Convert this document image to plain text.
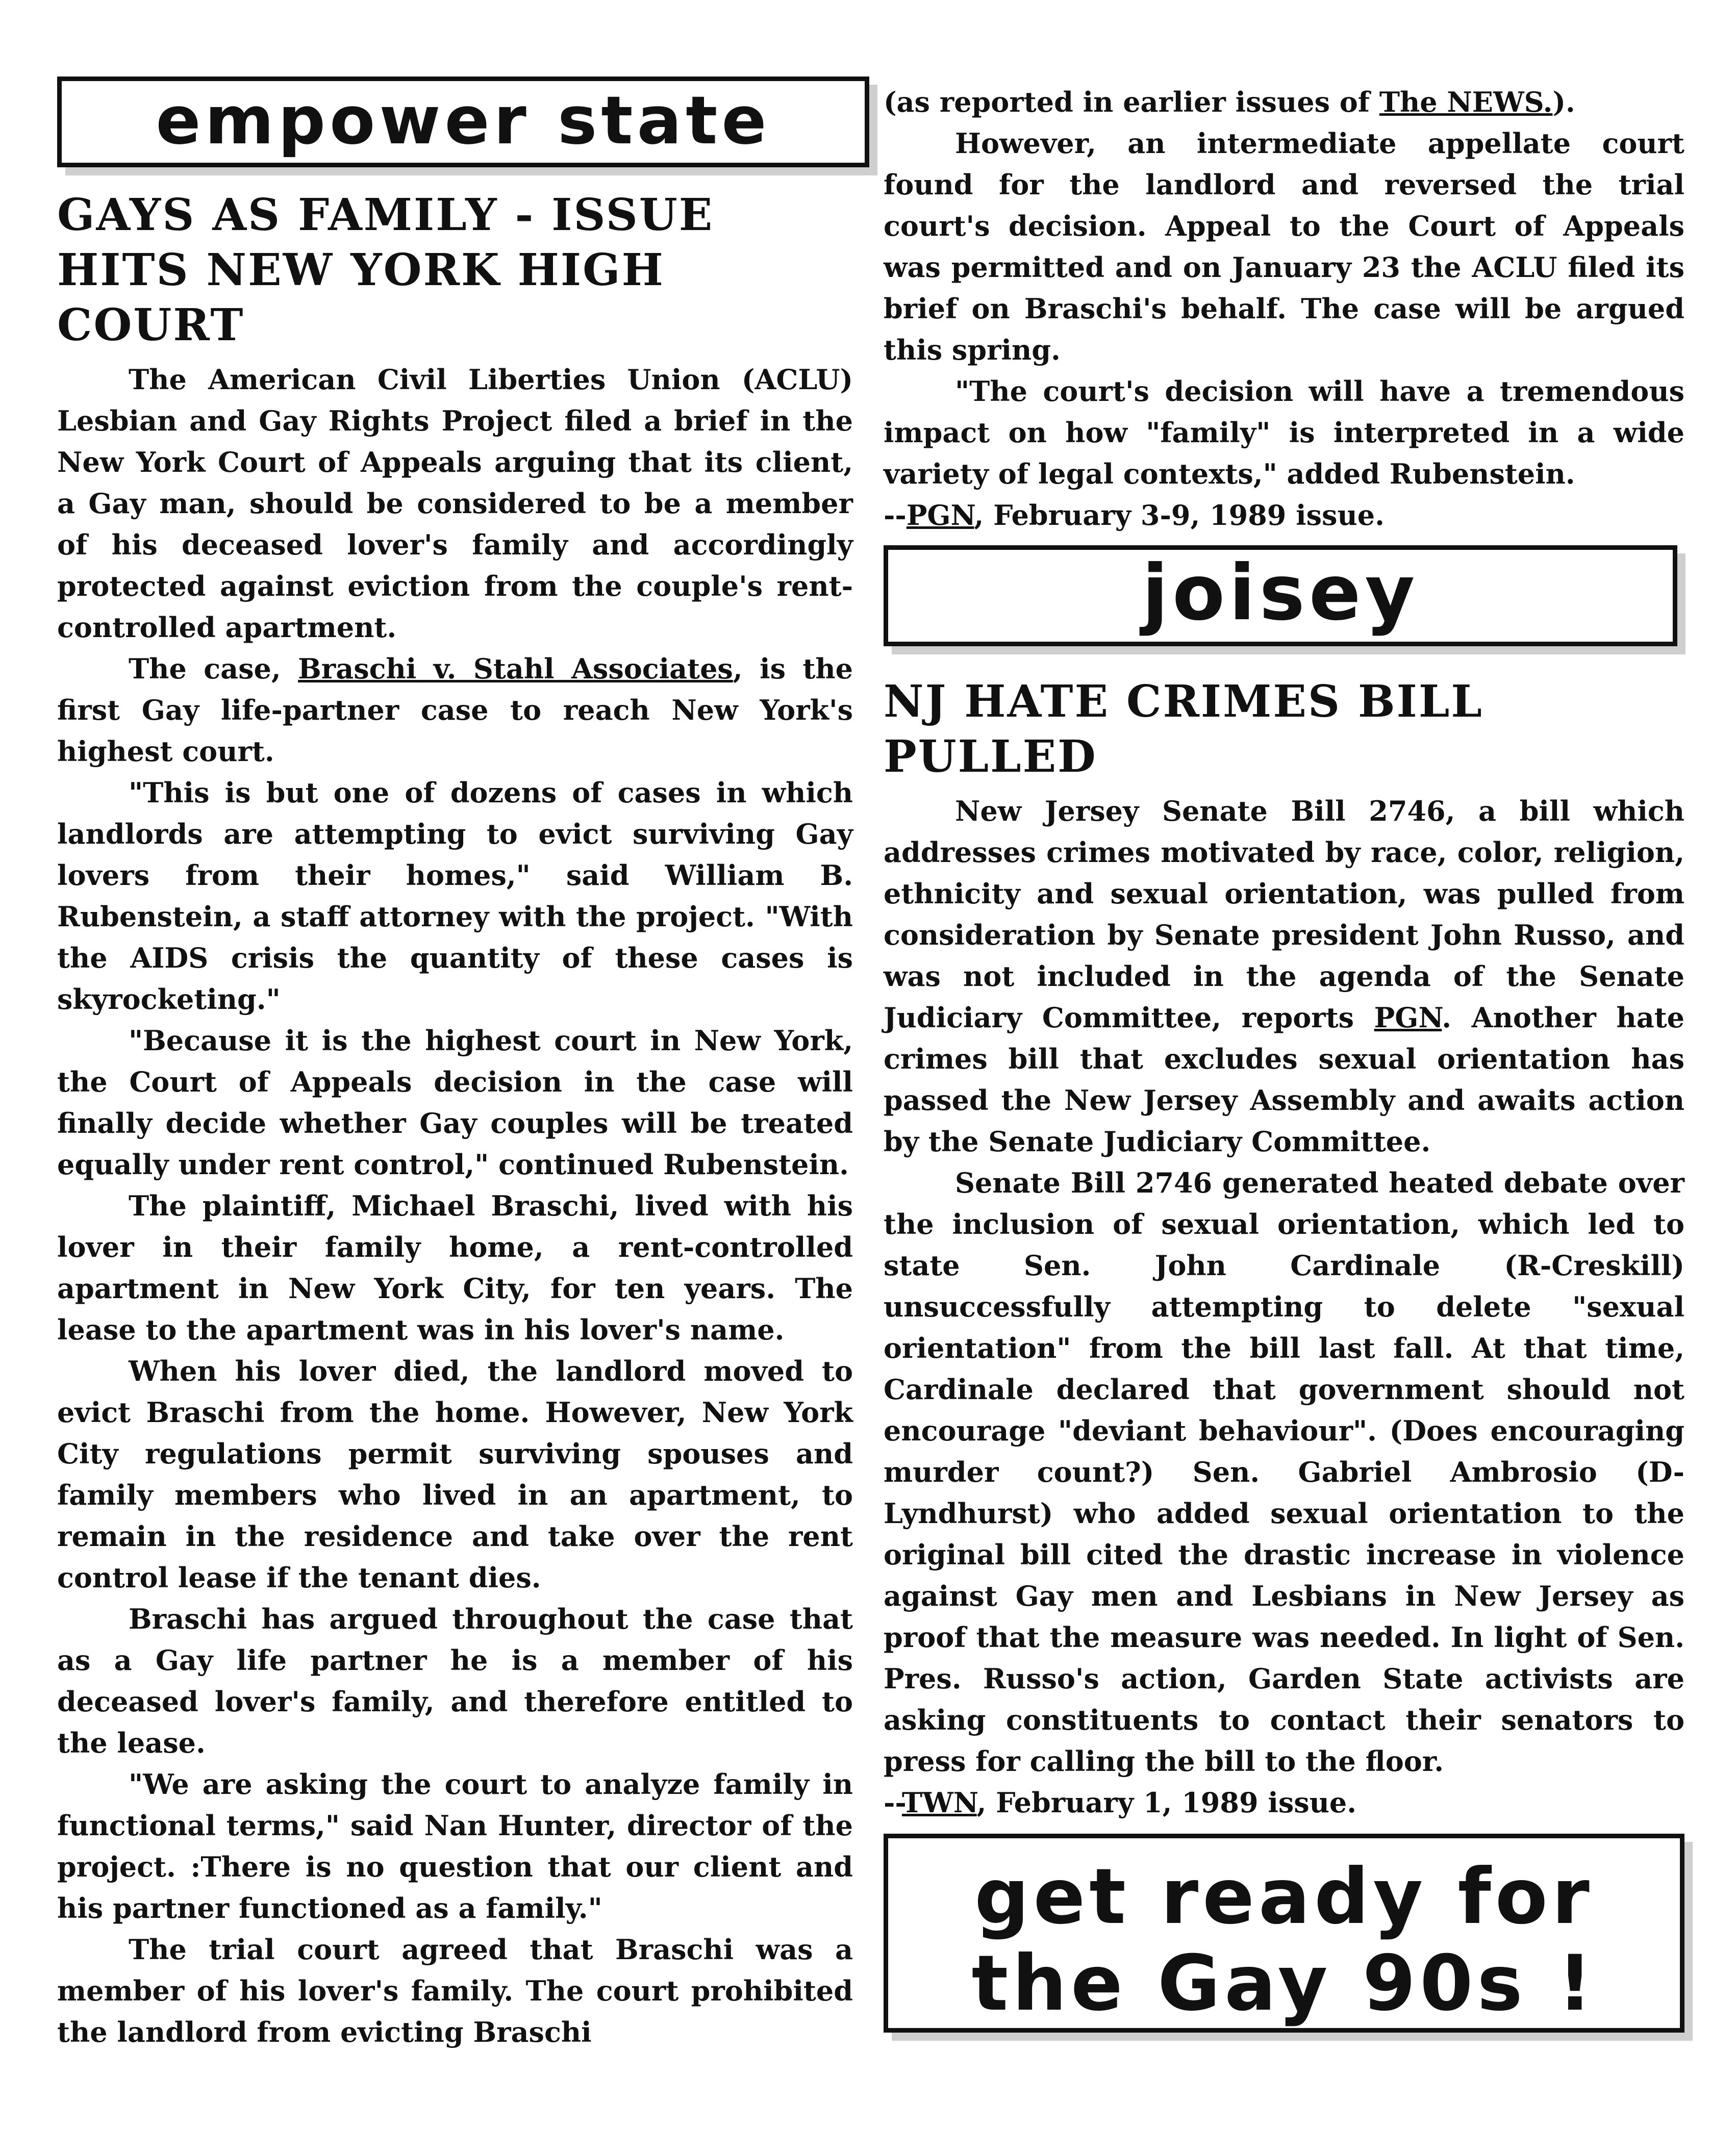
empower state
GAYS AS FAMILY - ISSUE HITS NEW YORK HIGH COURT

The American Civil Liberties Union (ACLU) Lesbian and Gay Rights Project filed a brief in the New York Court of Appeals arguing that its client, a Gay man, should be considered to be a member of his deceased lover's family and accordingly protected against eviction from the couple's rent-controlled apartment.

The case, Braschi v. Stahl Associates, is the first Gay life-partner case to reach New York's highest court.

"This is but one of dozens of cases in which landlords are attempting to evict surviving Gay lovers from their homes," said William B. Rubenstein, a staff attorney with the project. "With the AIDS crisis the quantity of these cases is skyrocketing."

"Because it is the highest court in New York, the Court of Appeals decision in the case will finally decide whether Gay couples will be treated equally under rent control," continued Rubenstein.

The plaintiff, Michael Braschi, lived with his lover in their family home, a rent-controlled apartment in New York City, for ten years. The lease to the apartment was in his lover's name.

When his lover died, the landlord moved to evict Braschi from the home. However, New York City regulations permit surviving spouses and family members who lived in an apartment, to remain in the residence and take over the rent control lease if the tenant dies.

Braschi has argued throughout the case that as a Gay life partner he is a member of his deceased lover's family, and therefore entitled to the lease.

"We are asking the court to analyze family in functional terms," said Nan Hunter, director of the project. :There is no question that our client and his partner functioned as a family."

The trial court agreed that Braschi was a member of his lover's family. The court prohibited the landlord from evicting Braschi

(as reported in earlier issues of The NEWS.).

However, an intermediate appellate court found for the landlord and reversed the trial court's decision. Appeal to the Court of Appeals was permitted and on January 23 the ACLU filed its brief on Braschi's behalf. The case will be argued this spring.

"The court's decision will have a tremendous impact on how "family" is interpreted in a wide variety of legal contexts," added Rubenstein.

--PGN, February 3-9, 1989 issue.

joisey
NJ HATE CRIMES BILL PULLED

New Jersey Senate Bill 2746, a bill which addresses crimes motivated by race, color, religion, ethnicity and sexual orientation, was pulled from consideration by Senate president John Russo, and was not included in the agenda of the Senate Judiciary Committee, reports PGN. Another hate crimes bill that excludes sexual orientation has passed the New Jersey Assembly and awaits action by the Senate Judiciary Committee.

Senate Bill 2746 generated heated debate over the inclusion of sexual orientation, which led to state Sen. John Cardinale (R-Creskill) unsuccessfully attempting to delete "sexual orientation" from the bill last fall. At that time, Cardinale declared that government should not encourage "deviant behaviour". (Does encouraging murder count?) Sen. Gabriel Ambrosio (D-Lyndhurst) who added sexual orientation to the original bill cited the drastic increase in violence against Gay men and Lesbians in New Jersey as proof that the measure was needed. In light of Sen. Pres. Russo's action, Garden State activists are asking constituents to contact their senators to press for calling the bill to the floor.

--TWN, February 1, 1989 issue.

get ready for
the Gay 90s !
